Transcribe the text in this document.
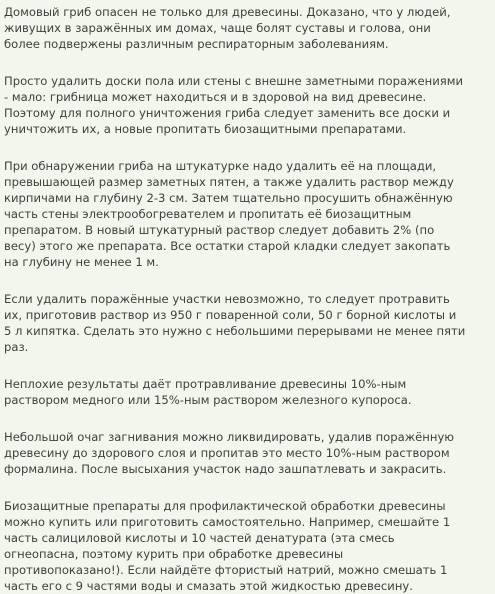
Домовый гриб опасен не только для древесины. Доказано, что у людей,
живущих в заражённых им домах, чаще болят суставы и голова, они
более подвержены различным респираторным заболеваниям.

Просто удалить доски пола или стены с внешне заметными поражениями
- мало: грибница может находиться и в здоровой на вид древесине.
Поэтому для полного уничтожения гриба следует заменить все доски и
уничтожить их, а новые пропитать биозащитными препаратами.

При обнаружении гриба на штукатурке надо удалить её на площади,
превышающей размер заметных пятен, а также удалить раствор между
кирпичами на глубину 2-3 см. Затем тщательно просушить обнажённую
часть стены электрообогревателем и пропитать её биозащитным
препаратом. В новый штукатурный раствор следует добавить 2% (по
весу) этого же препарата. Все остатки старой кладки следует закопать
на глубину не менее 1 м.

Если удалить поражённые участки невозможно, то следует протравить
их, приготовив раствор из 950 г поваренной соли, 50 г борной кислоты и
5 л кипятка. Сделать это нужно с небольшими перерывами не менее пяти
раз.

Неплохие результаты даёт протравливание древесины 10%-ным
раствором медного или 15%-ным раствором железного купороса.

Небольшой очаг загнивания можно ликвидировать, удалив поражённую
древесину до здорового слоя и пропитав это место 10%-ным раствором
формалина. После высыхания участок надо зашпатлевать и закрасить.

Биозащитные препараты для профилактической обработки древесины
можно купить или приготовить самостоятельно. Например, смешайте 1
часть салициловой кислоты и 10 частей денатурата (эта смесь
огнеопасна, поэтому курить при обработке древесины
противопоказано!). Если найдёте фтористый натрий, можно смешать 1
часть его с 9 частями воды и смазать этой жидкостью древесину.
